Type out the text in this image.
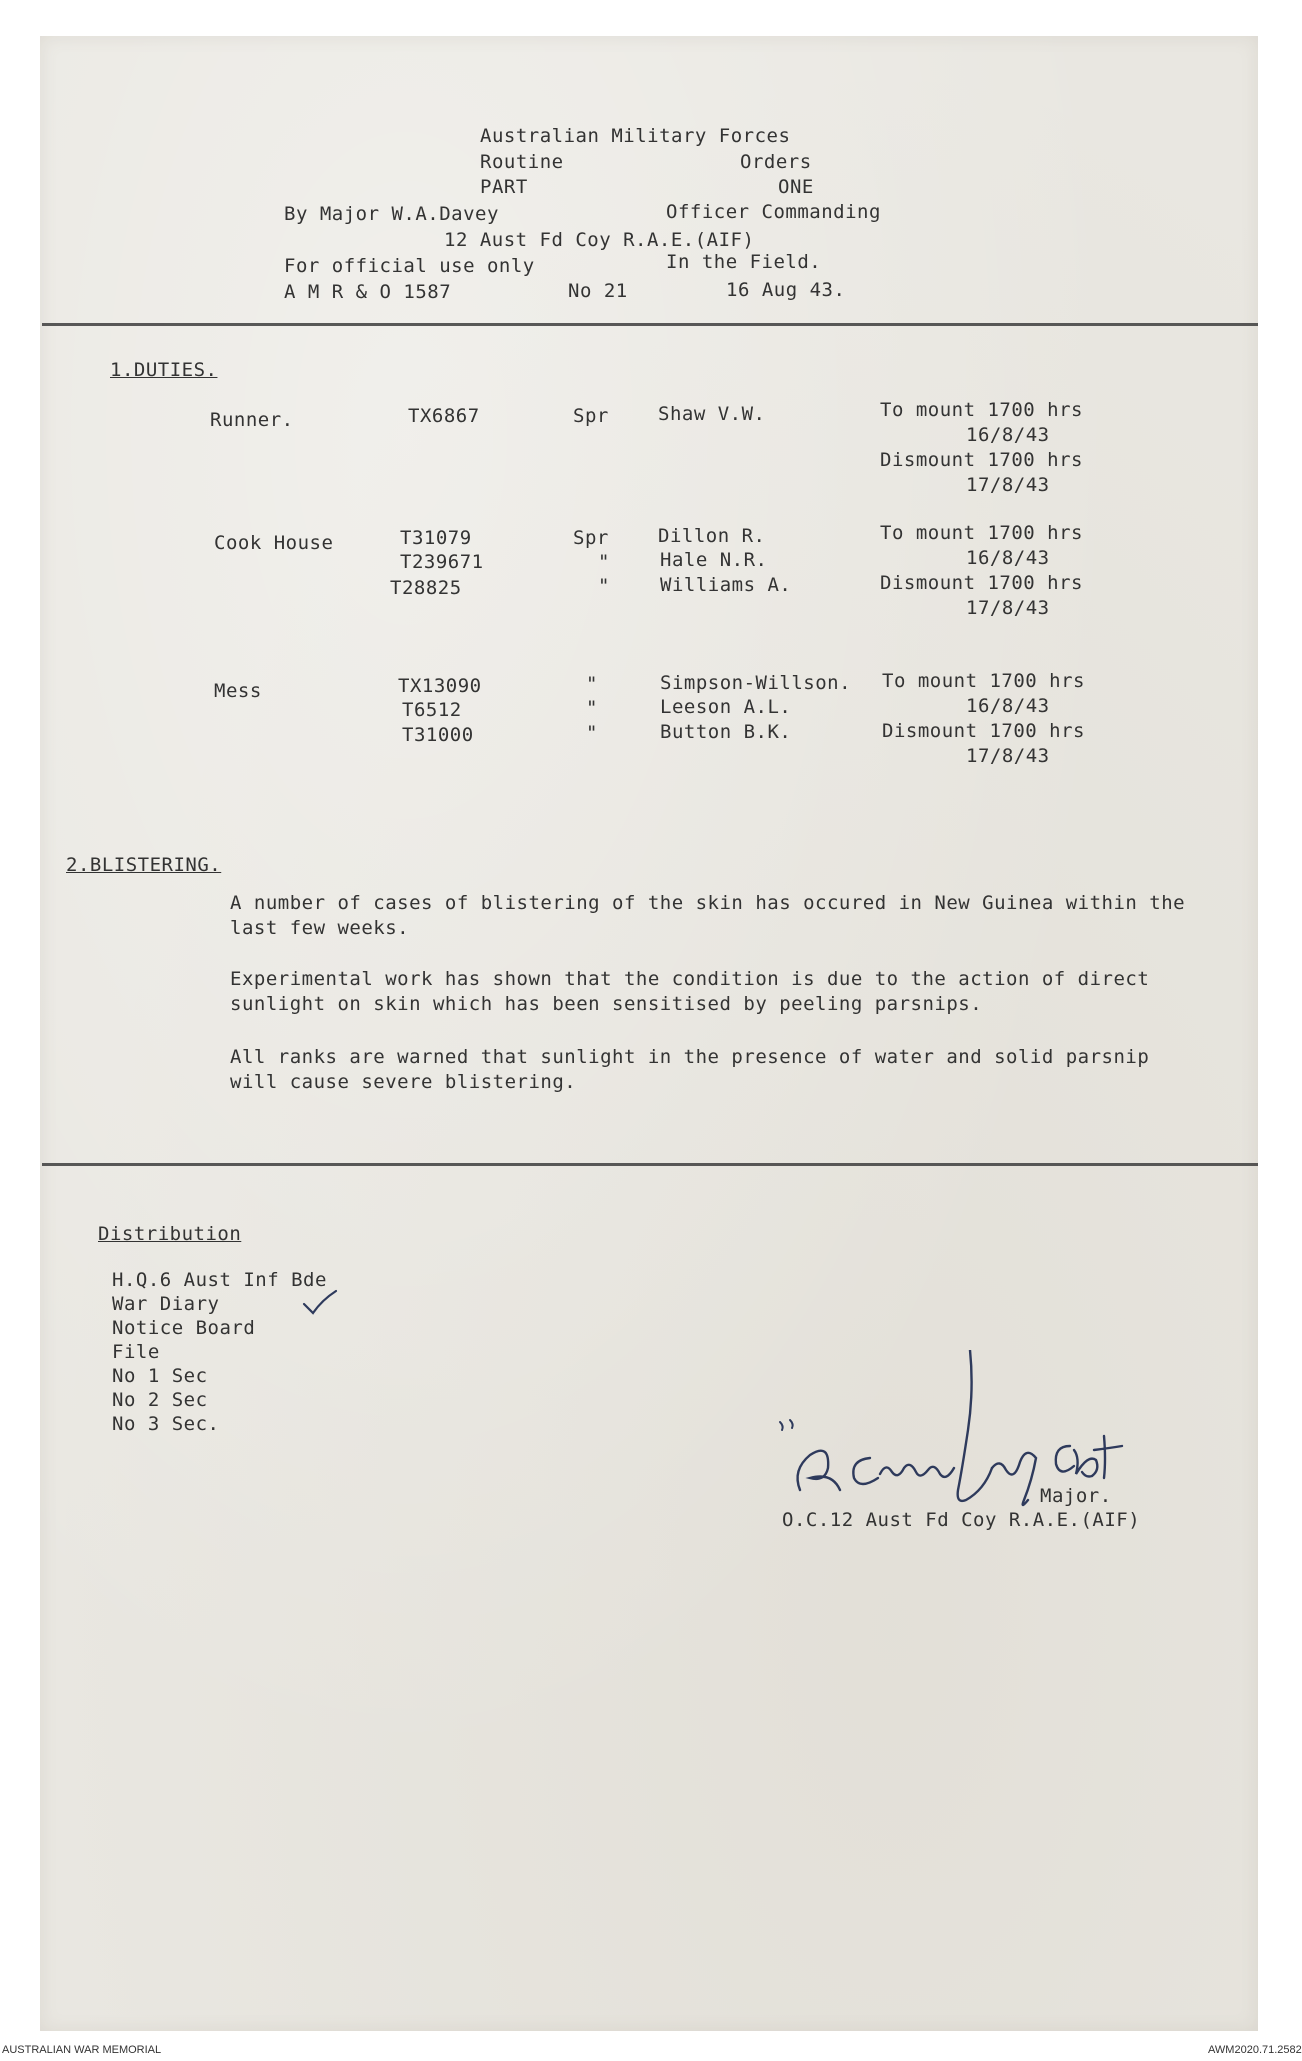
Australian Military Forces
Routine	Orders
PART	ONE
By Major W.A.Davey	Officer Commanding
12 Aust Fd Coy R.A.E.(AIF)
For official use only	In the Field.
A M R & O 1587	No 21	16 Aug 43.
1.DUTIES.
Runner.	TX6867	Spr	Shaw V.W.	To mount 1700 hrs
16/8/43
Dismount 1700 hrs
17/8/43
Cook House	T31079	Spr	Dillon R.
T239671	"	Hale N.R.
T28825	"	Williams A.
To mount 1700 hrs
16/8/43
Dismount 1700 hrs
17/8/43
Mess	TX13090	"	Simpson-Willson.
T6512	"	Leeson A.L.
T31000	"	Button B.K.
To mount 1700 hrs
16/8/43
Dismount 1700 hrs
17/8/43
2.BLISTERING.
A number of cases of blistering of the skin has occured in New Guinea within the last few weeks.
Experimental work has shown that the condition is due to the action of direct sunlight on skin which has been sensitised by peeling parsnips.
All ranks are warned that sunlight in the presence of water and solid parsnip will cause severe blistering.
Distribution
H.Q.6 Aust Inf Bde
War Diary
Notice Board
File
No 1 Sec
No 2 Sec
No 3 Sec.
Major.
O.C.12 Aust Fd Coy R.A.E.(AIF)
AUSTRALIAN WAR MEMORIAL	AWM2020.71.2582
